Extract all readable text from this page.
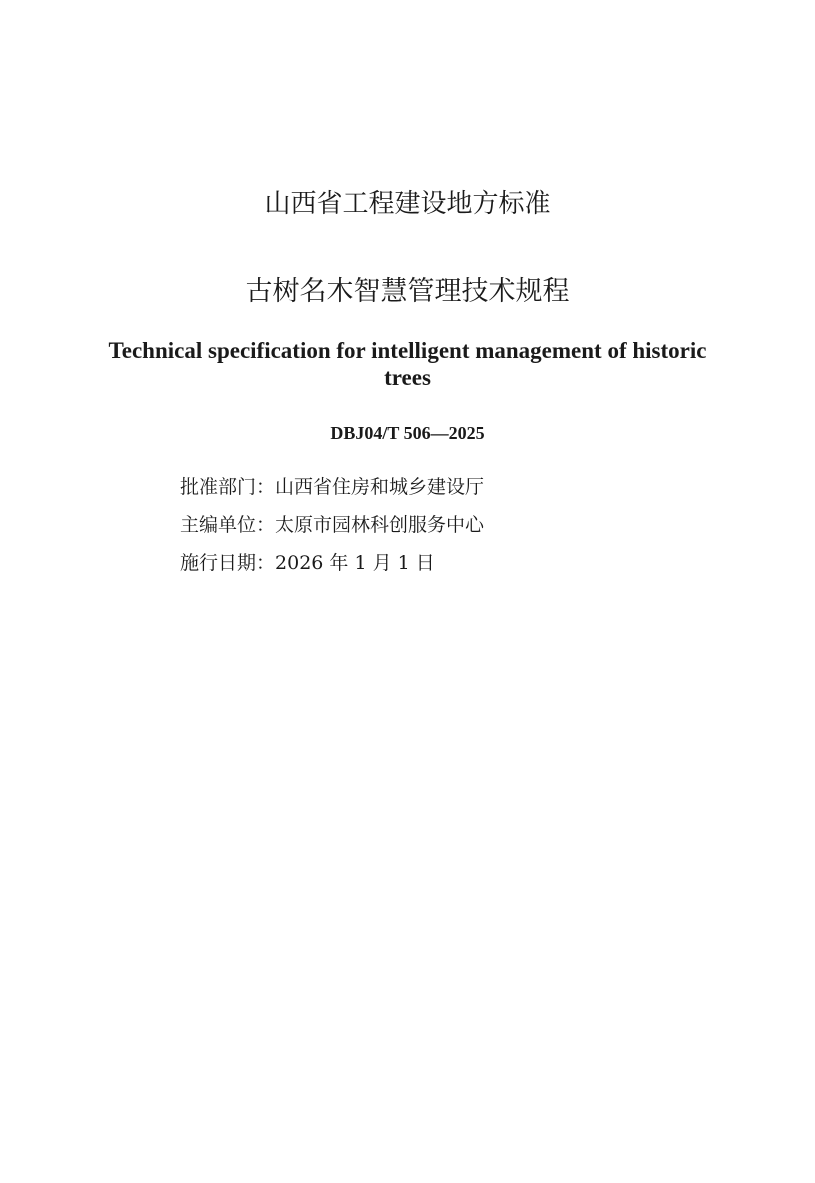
山西省工程建设地方标准
古树名木智慧管理技术规程
Technical specification for intelligent management of historic trees
DBJ04/T 506—2025
批准部门：山西省住房和城乡建设厅
主编单位：太原市园林科创服务中心
施行日期：2026 年 1 月 1 日
